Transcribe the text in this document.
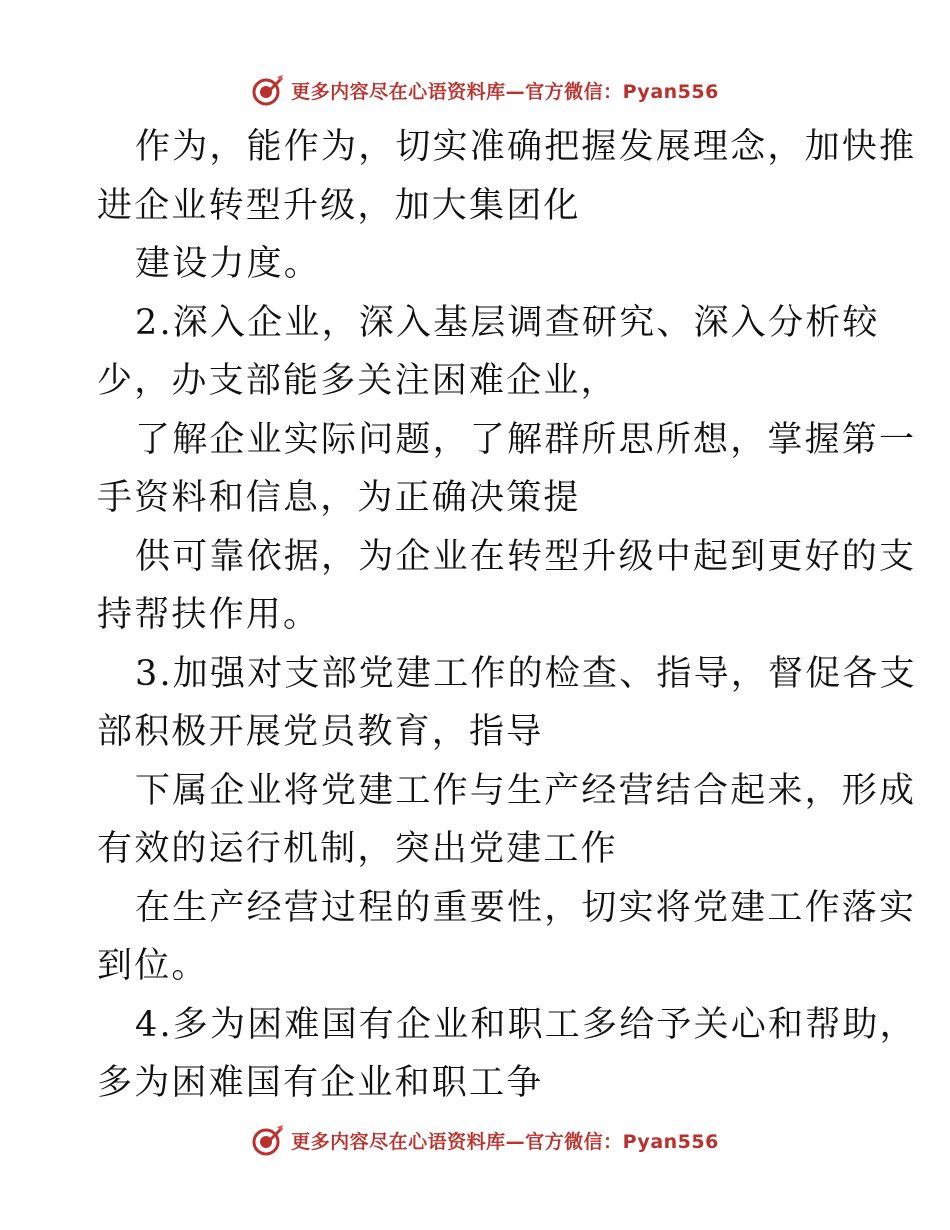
更多内容尽在心语资料库—官方微信：Pyan556
作为，能作为，切实准确把握发展理念，加快推
进企业转型升级，加大集团化
建设力度。
2.深入企业，深入基层调查研究、深入分析较
少，办支部能多关注困难企业，
了解企业实际问题，了解群所思所想，掌握第一
手资料和信息，为正确决策提
供可靠依据，为企业在转型升级中起到更好的支
持帮扶作用。
3.加强对支部党建工作的检查、指导，督促各支
部积极开展党员教育，指导
下属企业将党建工作与生产经营结合起来，形成
有效的运行机制，突出党建工作
在生产经营过程的重要性，切实将党建工作落实
到位。
4.多为困难国有企业和职工多给予关心和帮助，
多为困难国有企业和职工争
更多内容尽在心语资料库—官方微信：Pyan556
